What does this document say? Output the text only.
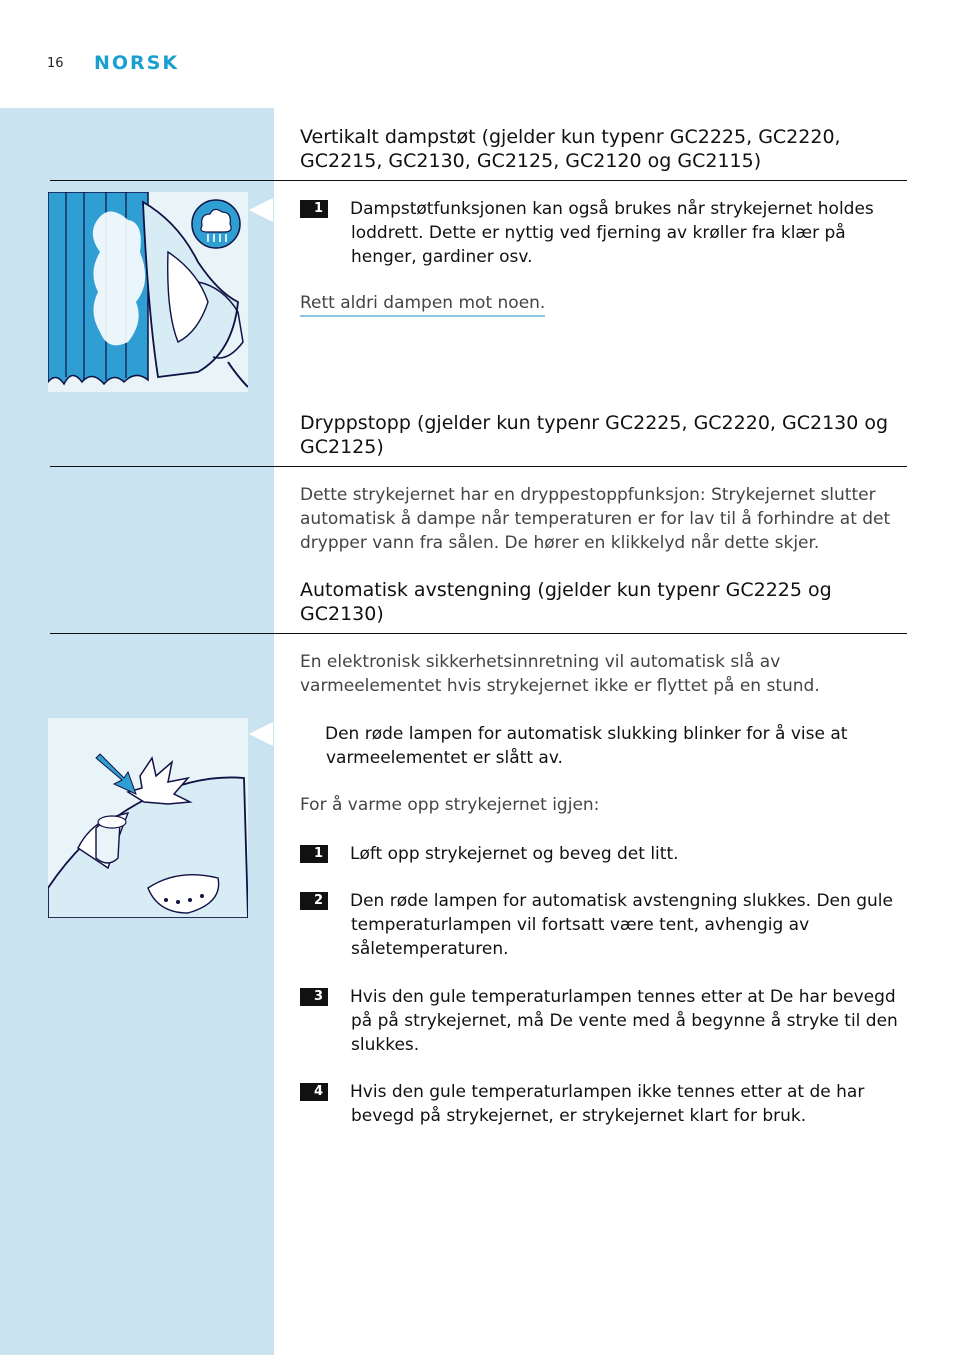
16 NORSK
Vertikalt dampstøt (gjelder kun typenr GC2225, GC2220, GC2215, GC2130, GC2125, GC2120 og GC2115)
1	Dampstøtfunksjonen kan også brukes når strykejernet holdes loddrett. Dette er nyttig ved fjerning av krøller fra klær på henger, gardiner osv.
Rett aldri dampen mot noen.
Dryppstopp (gjelder kun typenr GC2225, GC2220, GC2130 og GC2125)
Dette strykejernet har en dryppestoppfunksjon: Strykejernet slutter automatisk å dampe når temperaturen er for lav til å forhindre at det drypper vann fra sålen. De hører en klikkelyd når dette skjer.
Automatisk avstengning (gjelder kun typenr GC2225 og GC2130)
En elektronisk sikkerhetsinnretning vil automatisk slå av varmeelementet hvis strykejernet ikke er flyttet på en stund.
Den røde lampen for automatisk slukking blinker for å vise at varmeelementet er slått av.
For å varme opp strykejernet igjen:
1	Løft opp strykejernet og beveg det litt.
2	Den røde lampen for automatisk avstengning slukkes. Den gule temperaturlampen vil fortsatt være tent, avhengig av såletemperaturen.
3	Hvis den gule temperaturlampen tennes etter at De har bevegd på på strykejernet, må De vente med å begynne å stryke til den slukkes.
4	Hvis den gule temperaturlampen ikke tennes etter at de har bevegd på strykejernet, er strykejernet klart for bruk.
